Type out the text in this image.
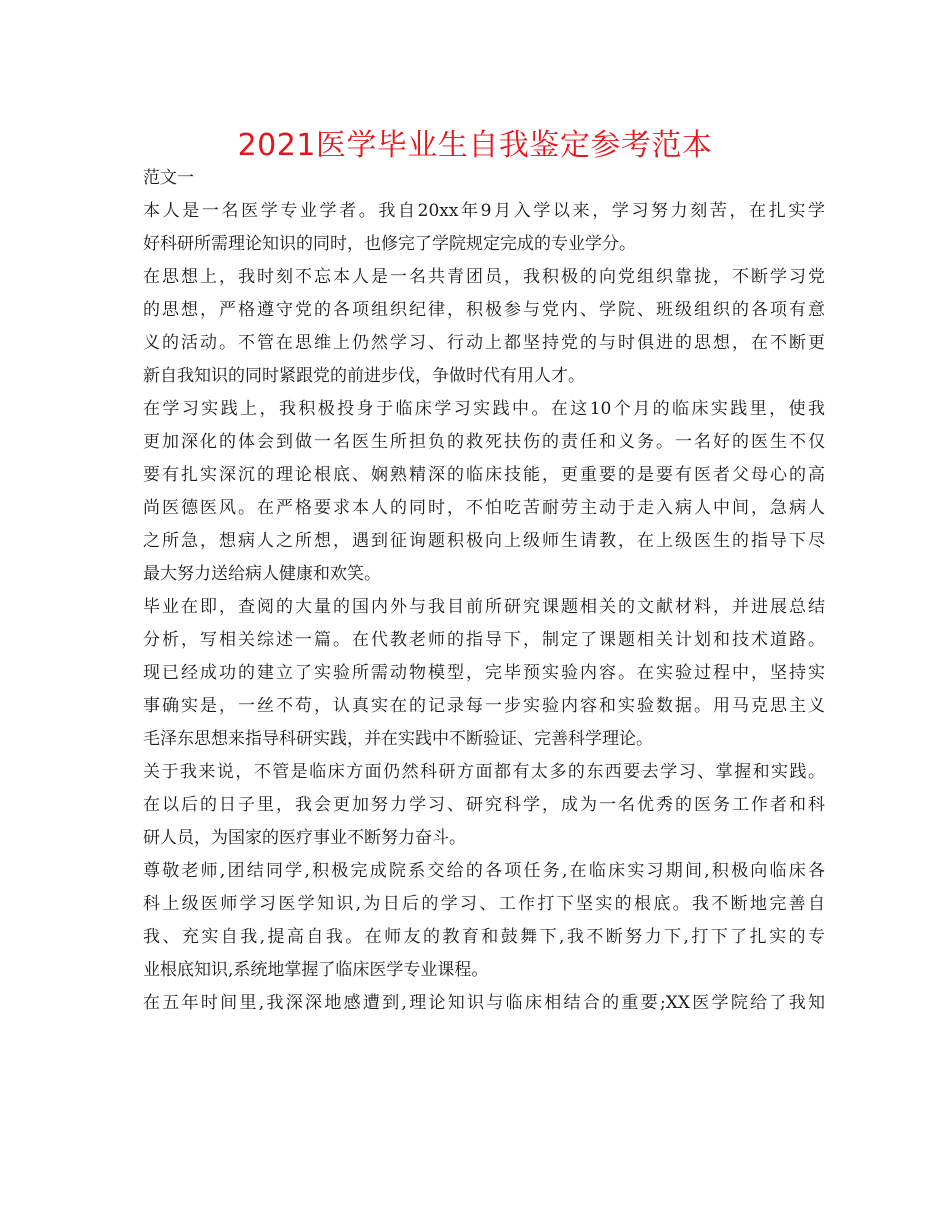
2021医学毕业生自我鉴定参考范本
范文一
本人是一名医学专业学者。我自20xx年9月入学以来，学习努力刻苦，在扎实学
好科研所需理论知识的同时，也修完了学院规定完成的专业学分。
在思想上，我时刻不忘本人是一名共青团员，我积极的向党组织靠拢，不断学习党
的思想，严格遵守党的各项组织纪律，积极参与党内、学院、班级组织的各项有意
义的活动。不管在思维上仍然学习、行动上都坚持党的与时俱进的思想，在不断更
新自我知识的同时紧跟党的前进步伐，争做时代有用人才。
在学习实践上，我积极投身于临床学习实践中。在这10个月的临床实践里，使我
更加深化的体会到做一名医生所担负的救死扶伤的责任和义务。一名好的医生不仅
要有扎实深沉的理论根底、娴熟精深的临床技能，更重要的是要有医者父母心的高
尚医德医风。在严格要求本人的同时，不怕吃苦耐劳主动于走入病人中间，急病人
之所急，想病人之所想，遇到征询题积极向上级师生请教，在上级医生的指导下尽
最大努力送给病人健康和欢笑。
毕业在即，查阅的大量的国内外与我目前所研究课题相关的文献材料，并进展总结
分析，写相关综述一篇。在代教老师的指导下，制定了课题相关计划和技术道路。
现已经成功的建立了实验所需动物模型，完毕预实验内容。在实验过程中，坚持实
事确实是，一丝不苟，认真实在的记录每一步实验内容和实验数据。用马克思主义
毛泽东思想来指导科研实践，并在实践中不断验证、完善科学理论。
关于我来说，不管是临床方面仍然科研方面都有太多的东西要去学习、掌握和实践。
在以后的日子里，我会更加努力学习、研究科学，成为一名优秀的医务工作者和科
研人员，为国家的医疗事业不断努力奋斗。
尊敬老师,团结同学,积极完成院系交给的各项任务,在临床实习期间,积极向临床各
科上级医师学习医学知识,为日后的学习、工作打下坚实的根底。我不断地完善自
我、充实自我,提高自我。在师友的教育和鼓舞下,我不断努力下,打下了扎实的专
业根底知识,系统地掌握了临床医学专业课程。
在五年时间里,我深深地感遭到,理论知识与临床相结合的重要;XX医学院给了我知
